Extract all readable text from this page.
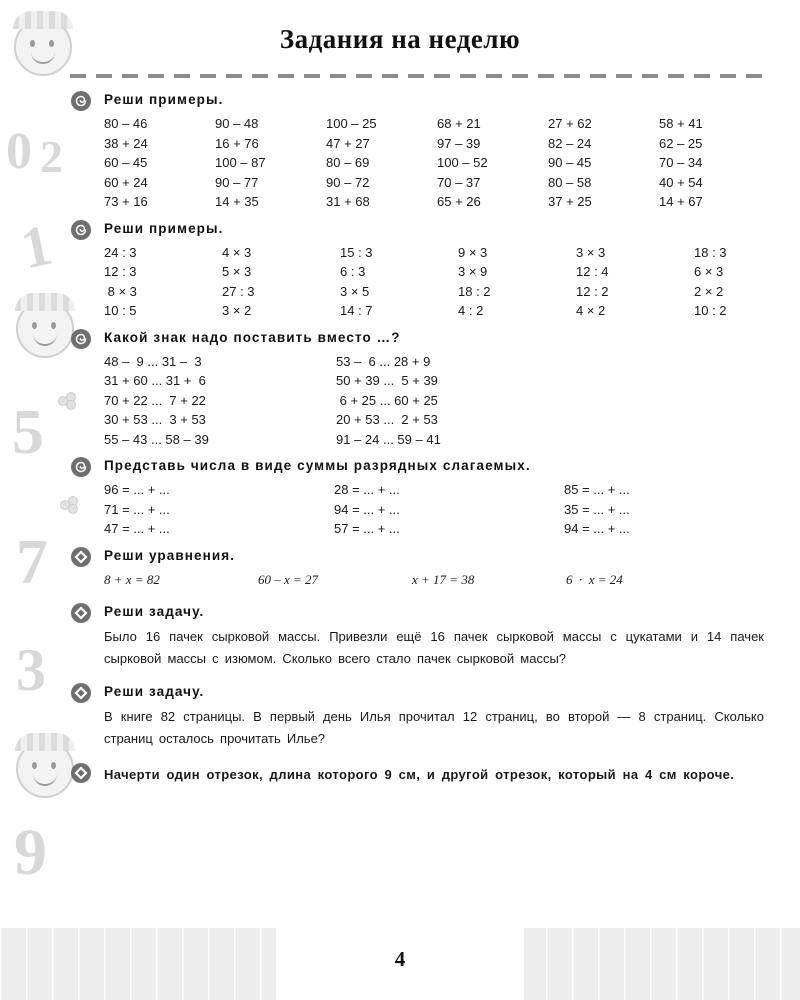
0 2
1
5
7
3
9
Задания на неделю
Реши примеры.
80 – 46	90 – 48	100 – 25	68 + 21	27 + 62	58 + 41
38 + 24	16 + 76	47 + 27	97 – 39	82 – 24	62 – 25
60 – 45	100 – 87	80 – 69	100 – 52	90 – 45	70 – 34
60 + 24	90 – 77	90 – 72	70 – 37	80 – 58	40 + 54
73 + 16	14 + 35	31 + 68	65 + 26	37 + 25	14 + 67
Реши примеры.
24 : 3	4 × 3	15 : 3	9 × 3	3 × 3	18 : 3
12 : 3	5 × 3	6 : 3	3 × 9	12 : 4	6 × 3
8 × 3	27 : 3	3 × 5	18 : 2	12 : 2	2 × 2
10 : 5	3 × 2	14 : 7	4 : 2	4 × 2	10 : 2
Какой знак надо поставить вместо …?
48 –  9 ... 31 –  3	53 –  6 ... 28 + 9
31 + 60 ... 31 +  6	50 + 39 ...  5 + 39
70 + 22 ...  7 + 22	6 + 25 ... 60 + 25
30 + 53 ...  3 + 53	20 + 53 ...  2 + 53
55 – 43 ... 58 – 39	91 – 24 ... 59 – 41
Представь числа в виде суммы разрядных слагаемых.
96 = ... + ...	28 = ... + ...	85 = ... + ...
71 = ... + ...	94 = ... + ...	35 = ... + ...
47 = ... + ...	57 = ... + ...	94 = ... + ...
Реши уравнения.
8 + x = 82	60 – x = 27	x + 17 = 38	6  ·  x = 24
Реши задачу.
Было 16 пачек сырковой массы. Привезли ещё 16 пачек сырковой массы с цукатами и 14 пачек сырковой массы с изюмом. Сколько всего стало пачек сырковой массы?
Реши задачу.
В книге 82 страницы. В первый день Илья прочитал 12 страниц, во второй — 8 страниц. Сколько страниц осталось прочитать Илье?
Начерти один отрезок, длина которого 9 см, и другой отрезок, который на 4 см короче.
4
